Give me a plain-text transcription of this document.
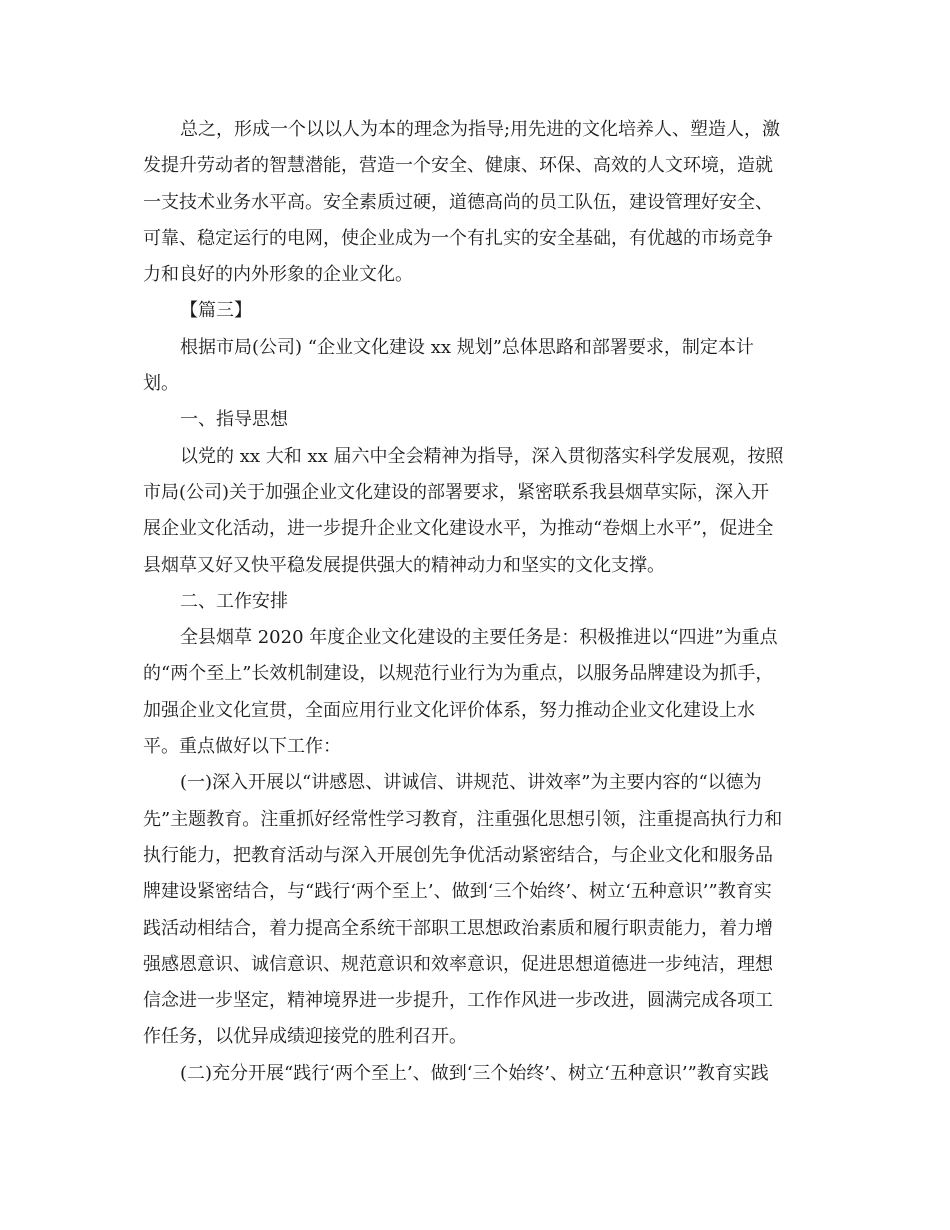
总之，形成一个以以人为本的理念为指导;用先进的文化培养人、塑造人，激
发提升劳动者的智慧潜能，营造一个安全、健康、环保、高效的人文环境，造就
一支技术业务水平高。安全素质过硬，道德高尚的员工队伍，建设管理好安全、
可靠、稳定运行的电网，使企业成为一个有扎实的安全基础，有优越的市场竞争
力和良好的内外形象的企业文化。
【篇三】
根据市局(公司) “企业文化建设 xx 规划”总体思路和部署要求，制定本计
划。
一、指导思想
以党的 xx 大和 xx 届六中全会精神为指导，深入贯彻落实科学发展观，按照
市局(公司)关于加强企业文化建设的部署要求，紧密联系我县烟草实际，深入开
展企业文化活动，进一步提升企业文化建设水平，为推动“卷烟上水平”，促进全
县烟草又好又快平稳发展提供强大的精神动力和坚实的文化支撑。
二、工作安排
全县烟草 2020 年度企业文化建设的主要任务是：积极推进以“四进”为重点
的“两个至上”长效机制建设，以规范行业行为为重点，以服务品牌建设为抓手，
加强企业文化宣贯，全面应用行业文化评价体系，努力推动企业文化建设上水
平。重点做好以下工作：
(一)深入开展以“讲感恩、讲诚信、讲规范、讲效率”为主要内容的“以德为
先”主题教育。注重抓好经常性学习教育，注重强化思想引领，注重提高执行力和
执行能力，把教育活动与深入开展创先争优活动紧密结合，与企业文化和服务品
牌建设紧密结合，与“践行‘两个至上’、做到‘三个始终’、树立‘五种意识’”教育实
践活动相结合，着力提高全系统干部职工思想政治素质和履行职责能力，着力增
强感恩意识、诚信意识、规范意识和效率意识，促进思想道德进一步纯洁，理想
信念进一步坚定，精神境界进一步提升，工作作风进一步改进，圆满完成各项工
作任务，以优异成绩迎接党的胜利召开。
(二)充分开展“践行‘两个至上’、做到‘三个始终’、树立‘五种意识’”教育实践
